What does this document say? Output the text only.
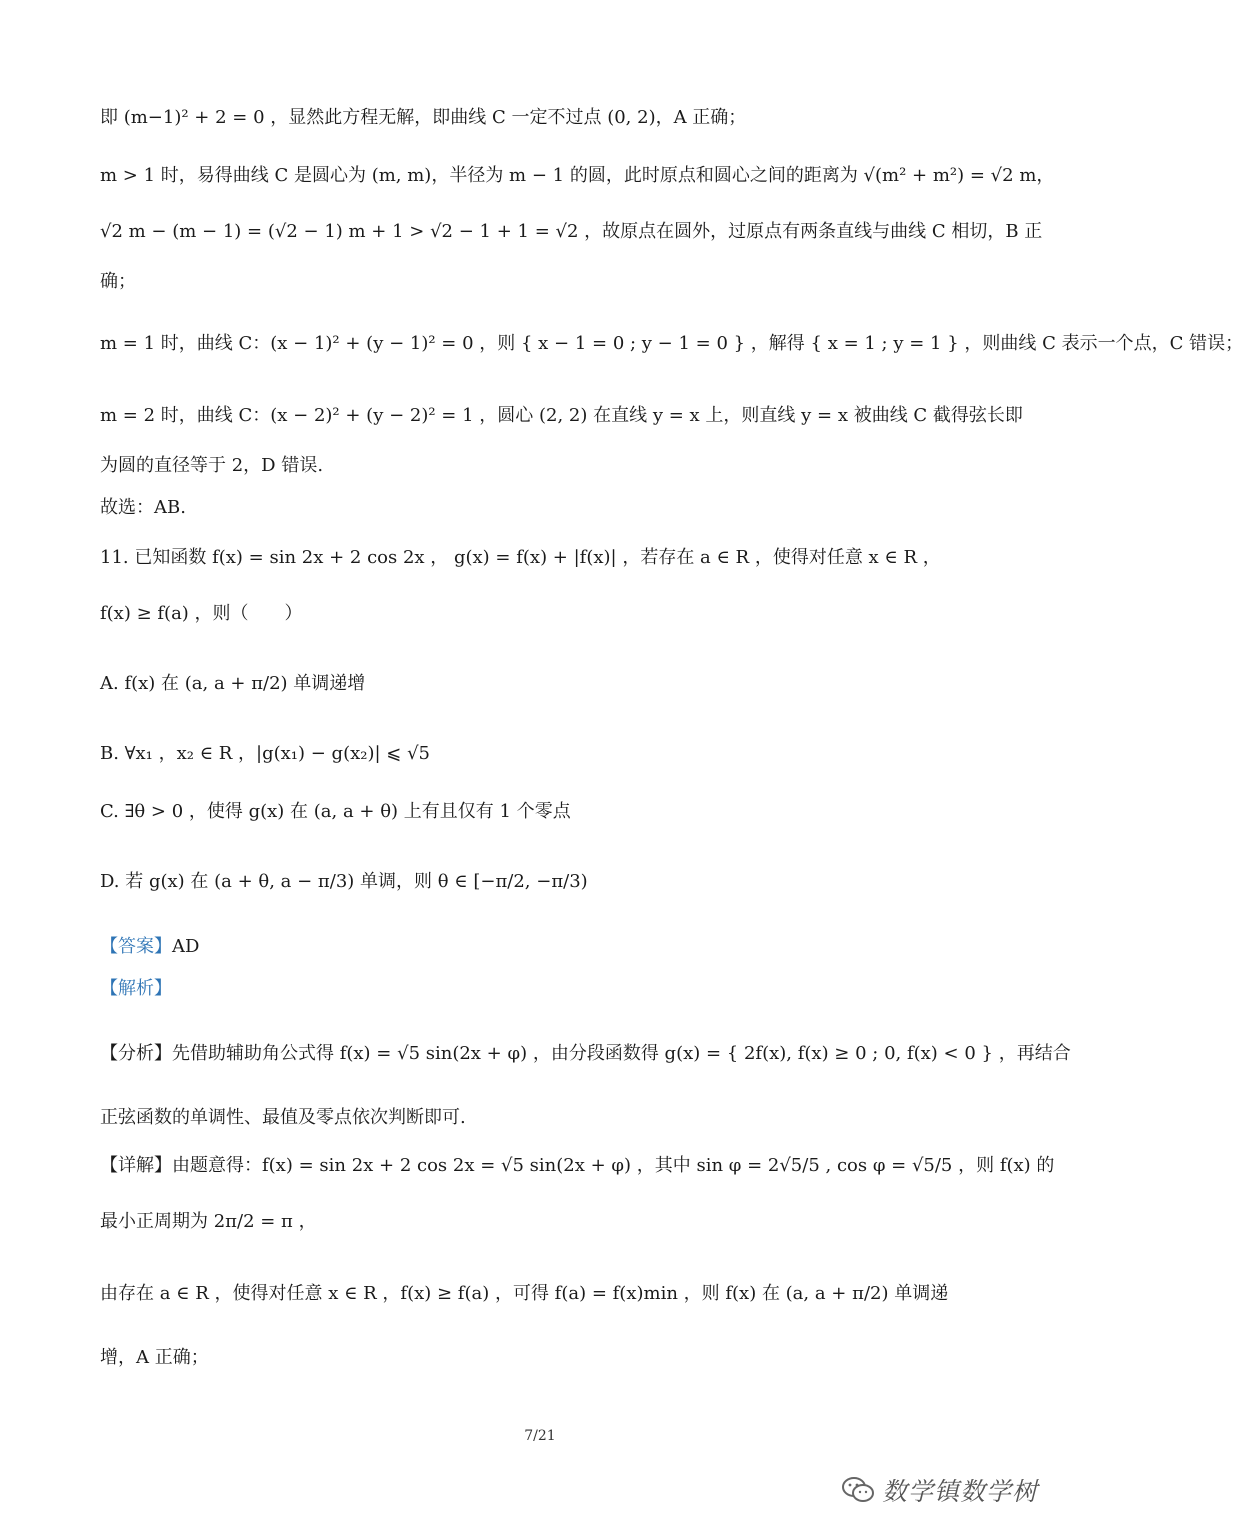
即 (m−1)² + 2 = 0 ，显然此方程无解，即曲线 C 一定不过点 (0, 2)，A 正确；
m > 1 时，易得曲线 C 是圆心为 (m, m)，半径为 m − 1 的圆，此时原点和圆心之间的距离为 √(m² + m²) = √2 m，
√2 m − (m − 1) = (√2 − 1) m + 1 > √2 − 1 + 1 = √2 ，故原点在圆外，过原点有两条直线与曲线 C 相切，B 正
确；
m = 1 时，曲线 C：(x − 1)² + (y − 1)² = 0 ，则 { x − 1 = 0 ; y − 1 = 0 } ，解得 { x = 1 ; y = 1 } ，则曲线 C 表示一个点，C 错误；
m = 2 时，曲线 C：(x − 2)² + (y − 2)² = 1 ，圆心 (2, 2) 在直线 y = x 上，则直线 y = x 被曲线 C 截得弦长即
为圆的直径等于 2，D 错误.
故选：AB.
11. 已知函数 f(x) = sin 2x + 2 cos 2x ， g(x) = f(x) + |f(x)| ，若存在 a ∈ R ，使得对任意 x ∈ R ，
f(x) ≥ f(a) ，则（　　）
A. f(x) 在 (a, a + π/2) 单调递增
B. ∀x₁ ，x₂ ∈ R ，|g(x₁) − g(x₂)| ⩽ √5
C. ∃θ > 0 ，使得 g(x) 在 (a, a + θ) 上有且仅有 1 个零点
D. 若 g(x) 在 (a + θ, a − π/3) 单调，则 θ ∈ [−π/2, −π/3)
【答案】AD
【解析】
【分析】先借助辅助角公式得 f(x) = √5 sin(2x + φ) ，由分段函数得 g(x) = { 2f(x), f(x) ≥ 0 ; 0, f(x) < 0 } ，再结合
正弦函数的单调性、最值及零点依次判断即可.
【详解】由题意得：f(x) = sin 2x + 2 cos 2x = √5 sin(2x + φ) ，其中 sin φ = 2√5/5 , cos φ = √5/5 ，则 f(x) 的
最小正周期为 2π/2 = π ，
由存在 a ∈ R ，使得对任意 x ∈ R ，f(x) ≥ f(a) ，可得 f(a) = f(x)min ，则 f(x) 在 (a, a + π/2) 单调递
增，A 正确；
7/21
数学镇数学树
